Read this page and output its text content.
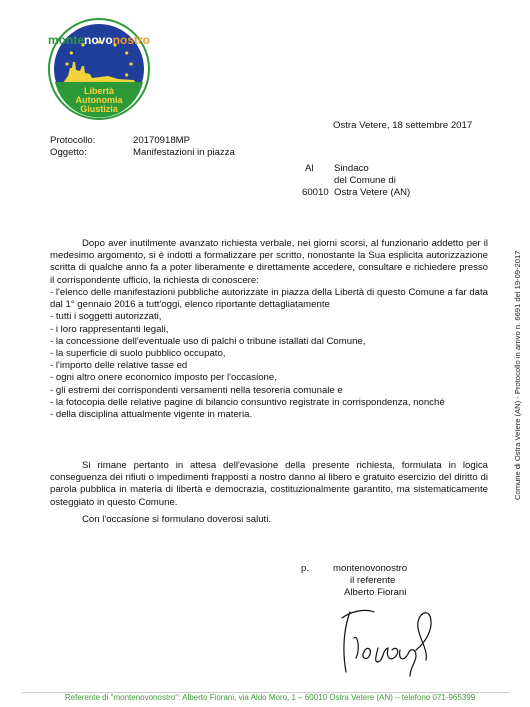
montenovonostro
Libertà
Autonomia
Giustizia
Ostra Vetere, 18 settembre 2017
Protocollo:	20170918MP
Oggetto:	Manifestazioni in piazza
Al Sindaco
del Comune di
60010 Ostra Vetere (AN)
Dopo aver inutilmente avanzato richiesta verbale, nei giorni scorsi, al funzionario addetto per il medesimo argomento, si è indotti a formalizzare per scritto, nonostante la Sua esplicita autorizzazione scritta di qualche anno fa a poter liberamente e direttamente accedere, consultare e richiedere presso il corrispondente ufficio, la richiesta di conoscere:
- l'elenco delle manifestazioni pubbliche autorizzate in piazza della Libertà di questo Comune a far data dal 1° gennaio 2016 a tutt'oggi, elenco riportante dettagliatamente
- tutti i soggetti autorizzati,
- i loro rappresentanti legali,
- la concessione dell'eventuale uso di palchi o tribune istallati dal Comune,
- la superficie di suolo pubblico occupato,
- l'importo delle relative tasse ed
- ogni altro onere economico imposto per l'occasione,
- gli estremi dei corrispondenti versamenti nella tesoreria comunale e
- la fotocopia delle relative pagine di bilancio consuntivo registrate in corrispondenza, nonché
- della disciplina attualmente vigente in materia.
Si rimane pertanto in attesa dell'evasione della presente richiesta, formulata in logica conseguenza dei rifiuti o impedimenti frapposti a nostro danno al libero e gratuito esercizio del diritto di parola pubblica in materia di libertà e democrazia, costituzionalmente garantito, ma sistematicamente osteggiato in questo Comune.
Con l'occasione si formulano doverosi saluti.
p. montenovonostro
il referente
Alberto Fiorani
Comune di Ostra Vetere (AN) - Protocollo in arrivo n. 6691 del 19-09-2017
Referente di "montenovonostro": Alberto Fiorani, via Aldo Moro, 1 – 60010 Ostra Vetere (AN) – telefono 071-965399
